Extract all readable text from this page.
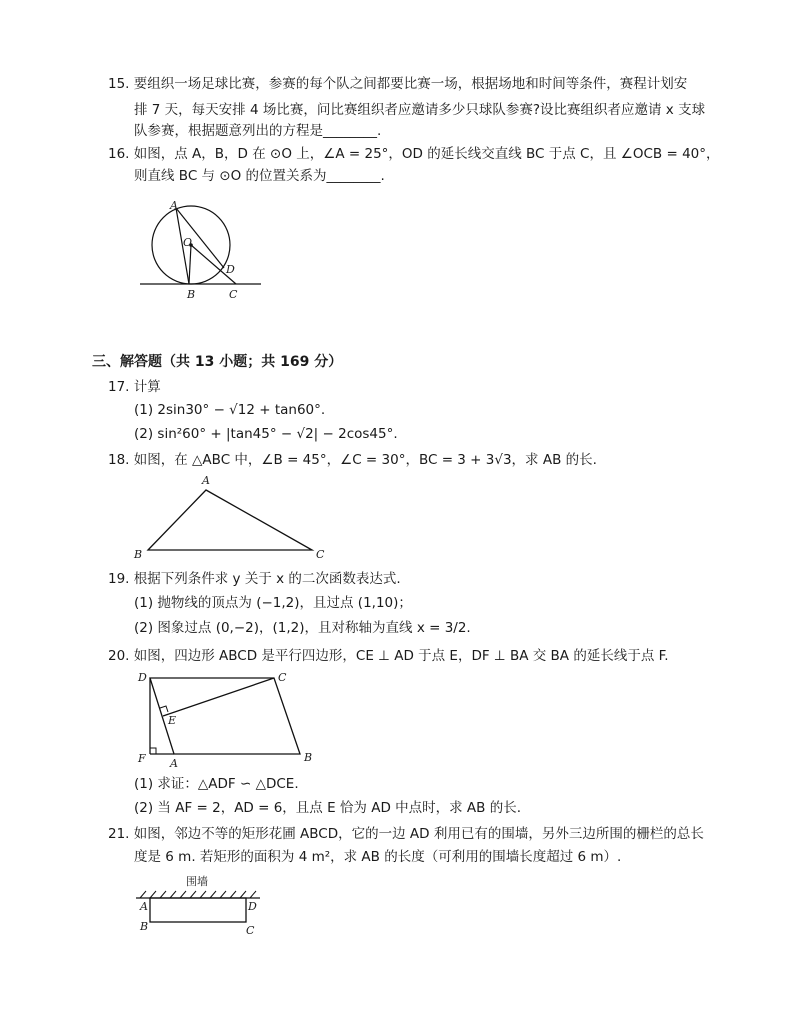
15. 要组织一场足球比赛，参赛的每个队之间都要比赛一场，根据场地和时间等条件，赛程计划安
排 7 天，每天安排 4 场比赛，问比赛组织者应邀请多少只球队参赛?设比赛组织者应邀请 x 支球
队参赛，根据题意列出的方程是________.
16. 如图，点 A，B，D 在 ⊙O 上，∠A = 25°，OD 的延长线交直线 BC 于点 C，且 ∠OCB = 40°，
则直线 BC 与 ⊙O 的位置关系为________.
A
O
D
B	C
三、解答题（共 13 小题；共 169 分）
17. 计算
(1) 2sin30° − √12 + tan60°.
(2) sin²60° + |tan45° − √2| − 2cos45°.
18. 如图，在 △ABC 中，∠B = 45°，∠C = 30°，BC = 3 + 3√3，求 AB 的长.
A
B	C
19. 根据下列条件求 y 关于 x 的二次函数表达式.
(1) 抛物线的顶点为 (−1,2)，且过点 (1,10)；
(2) 图象过点 (0,−2)，(1,2)，且对称轴为直线 x = 3/2.
20. 如图，四边形 ABCD 是平行四边形，CE ⊥ AD 于点 E，DF ⊥ BA 交 BA 的延长线于点 F.
D	C
E
F A	B
(1) 求证：△ADF ∽ △DCE.
(2) 当 AF = 2，AD = 6，且点 E 恰为 AD 中点时，求 AB 的长.
21. 如图，邻边不等的矩形花圃 ABCD，它的一边 AD 利用已有的围墙，另外三边所围的栅栏的总长
度是 6 m. 若矩形的面积为 4 m²，求 AB 的长度（可利用的围墙长度超过 6 m）.
围墙
A	D
B	C
